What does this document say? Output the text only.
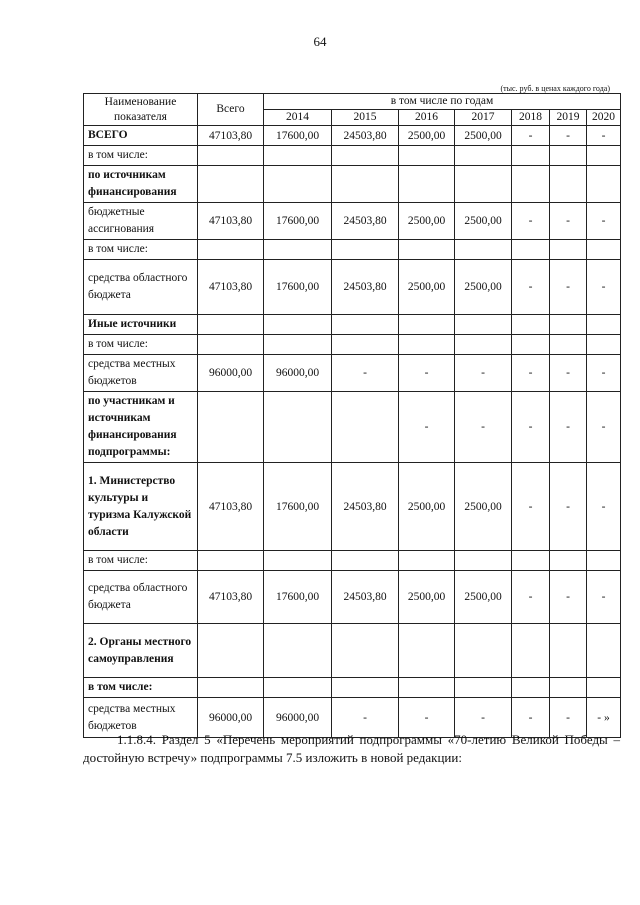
64
(тыс. руб. в ценах каждого года)
Наименование показателя	Всего	в том числе по годам						
		2014	2015	2016	2017	2018	2019	2020
ВСЕГО	47103,80	17600,00	24503,80	2500,00	2500,00	-	-	-
в том числе:								
по источникам финансирования								
бюджетные ассигнования	47103,80	17600,00	24503,80	2500,00	2500,00	-	-	-
в том числе:								
средства областного бюджета	47103,80	17600,00	24503,80	2500,00	2500,00	-	-	-
Иные источники								
в том числе:								
средства местных бюджетов	96000,00	96000,00	-	-	-	-	-	-
по участникам и источникам финансирования подпрограммы:				-	-	-	-	-
1. Министерство культуры и туризма Калужской области	47103,80	17600,00	24503,80	2500,00	2500,00	-	-	-
в том числе:								
средства областного бюджета	47103,80	17600,00	24503,80	2500,00	2500,00	-	-	-
2. Органы местного самоуправления								
в том числе:								
средства местных бюджетов	96000,00	96000,00	-	-	-	-	-	- »
1.1.8.4. Раздел 5 «Перечень мероприятий подпрограммы «70-летию Великой Победы – достойную встречу» подпрограммы 7.5 изложить в новой редакции:
